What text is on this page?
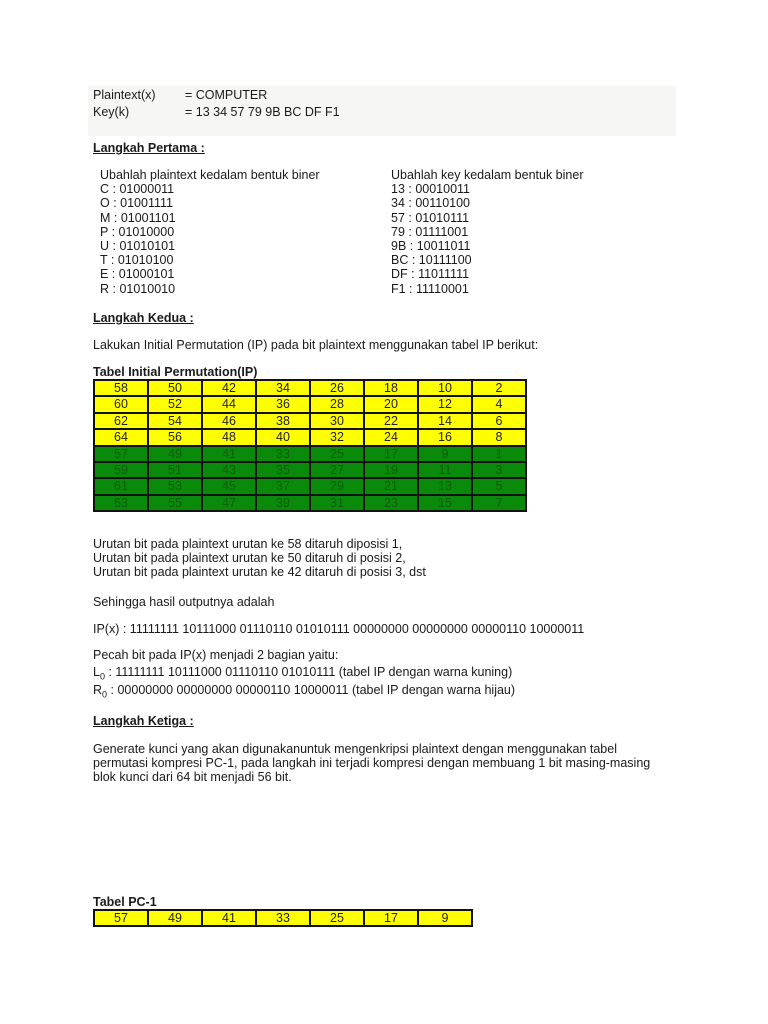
Plaintext(x) = COMPUTER
Key(k)	= 13 34 57 79 9B BC DF F1
Langkah Pertama :
Ubahlah plaintext kedalam bentuk biner
C : 01000011
O : 01001111
M : 01001101
P : 01010000
U : 01010101
T : 01010100
E : 01000101
R : 01010010
Ubahlah key kedalam bentuk biner
13 : 00010011
34 : 00110100
57 : 01010111
79 : 01111001
9B : 10011011
BC : 10111100
DF : 11011111
F1 : 11110001
Langkah Kedua :
Lakukan Initial Permutation (IP) pada bit plaintext menggunakan tabel IP berikut:
Tabel Initial Permutation(IP)
58	50	42	34	26	18	10	2
60	52	44	36	28	20	12	4
62	54	46	38	30	22	14	6
64	56	48	40	32	24	16	8
57	49	41	33	25	17	9	1
59	51	43	35	27	19	11	3
61	53	45	37	29	21	13	5
63	55	47	39	31	23	15	7
Urutan bit pada plaintext urutan ke 58 ditaruh diposisi 1,
Urutan bit pada plaintext urutan ke 50 ditaruh di posisi 2,
Urutan bit pada plaintext urutan ke 42 ditaruh di posisi 3, dst
Sehingga hasil outputnya adalah
IP(x) : 11111111 10111000 01110110 01010111 00000000 00000000 00000110 10000011
Pecah bit pada IP(x) menjadi 2 bagian yaitu:
$L_0$ : 11111111 10111000 01110110 01010111 (tabel IP dengan warna kuning)
$R_0$ : 00000000 00000000 00000110 10000011 (tabel IP dengan warna hijau)
Langkah Ketiga :
Generate kunci yang akan digunakanuntuk mengenkripsi plaintext dengan menggunakan tabel
permutasi kompresi PC-1, pada langkah ini terjadi kompresi dengan membuang 1 bit masing-masing
blok kunci dari 64 bit menjadi 56 bit.
Tabel PC-1
57	49	41	33	25	17	9
